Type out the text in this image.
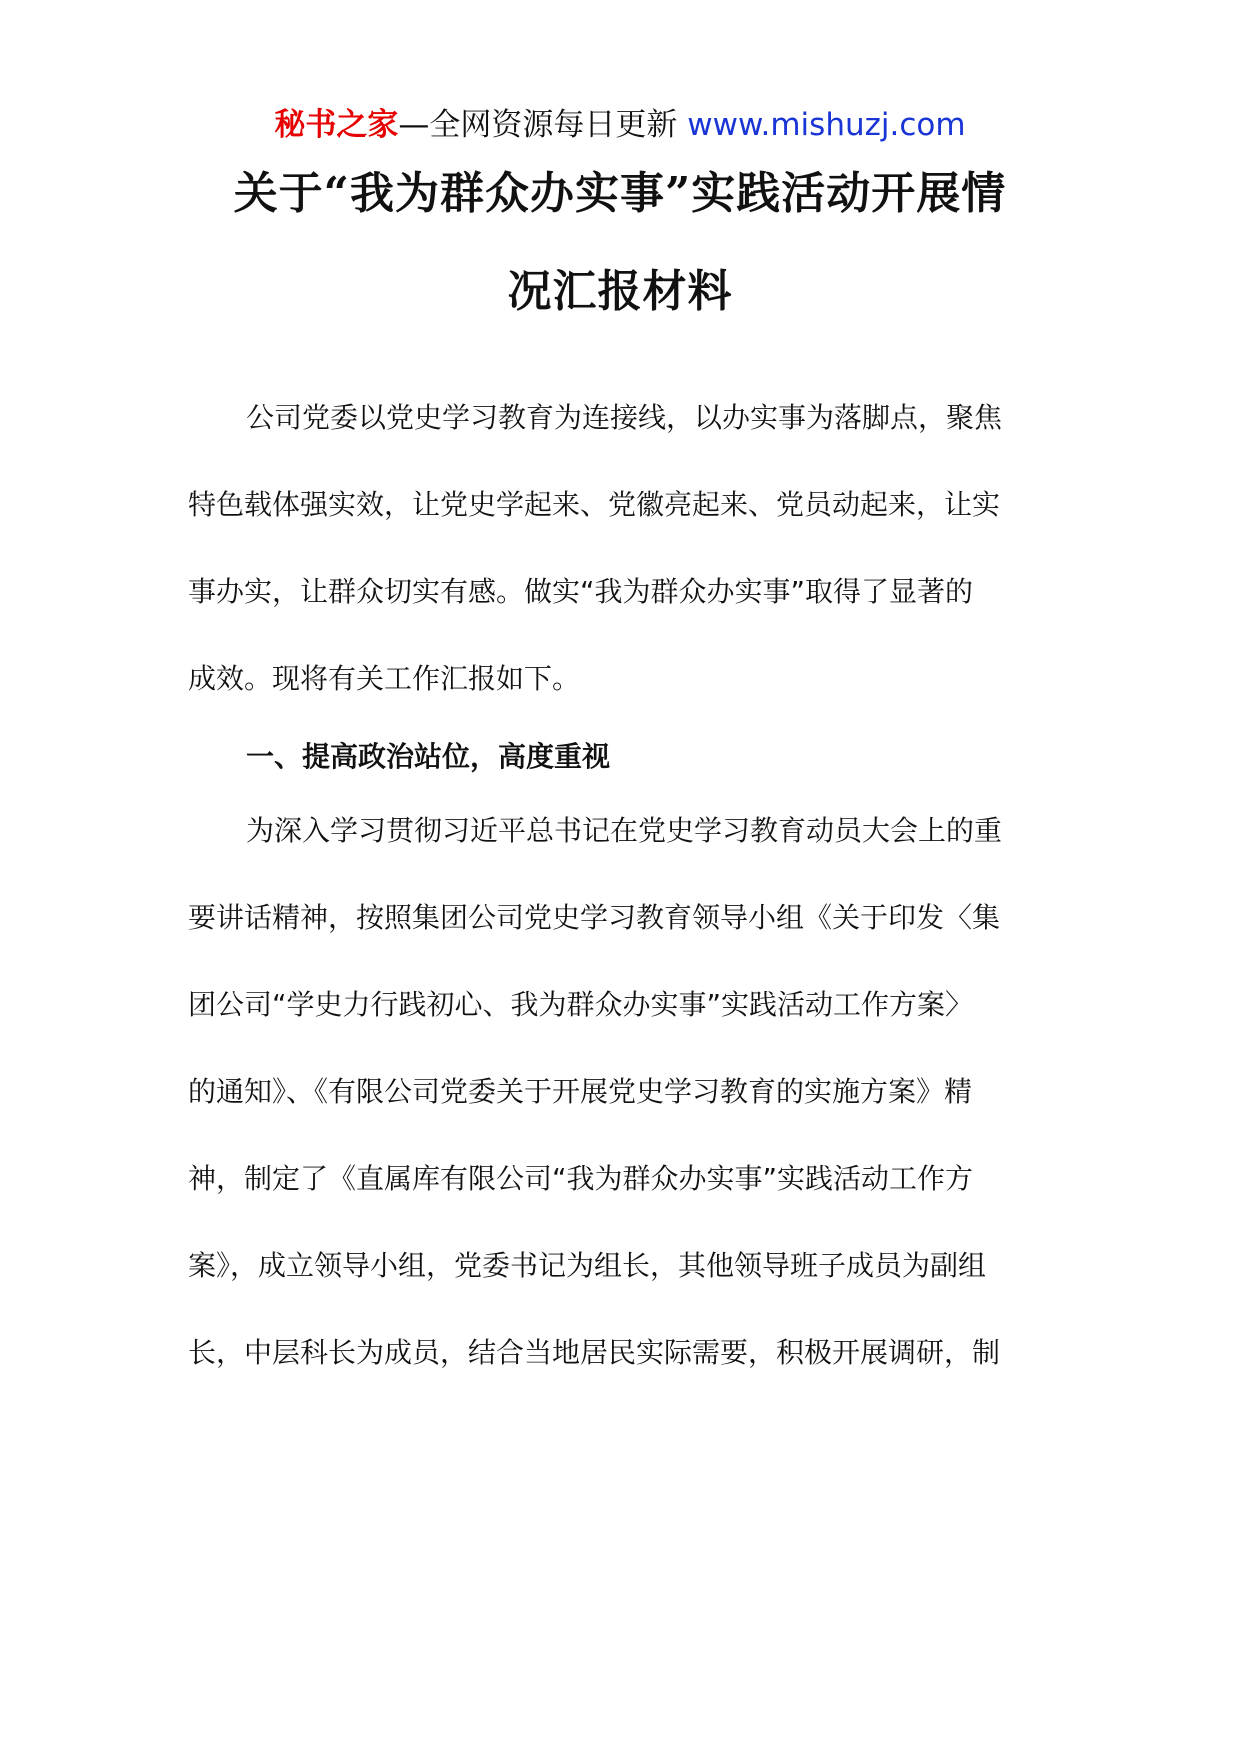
秘书之家—全网资源每日更新 www.mishuzj.com
关于“我为群众办实事”实践活动开展情
况汇报材料
公司党委以党史学习教育为连接线，以办实事为落脚点，聚焦
特色载体强实效，让党史学起来、党徽亮起来、党员动起来，让实
事办实，让群众切实有感。做实“我为群众办实事”取得了显著的
成效。现将有关工作汇报如下。
一、提高政治站位，高度重视
为深入学习贯彻习近平总书记在党史学习教育动员大会上的重
要讲话精神，按照集团公司党史学习教育领导小组《关于印发〈集
团公司“学史力行践初心、我为群众办实事”实践活动工作方案〉
的通知》、《有限公司党委关于开展党史学习教育的实施方案》精
神，制定了《直属库有限公司“我为群众办实事”实践活动工作方
案》，成立领导小组，党委书记为组长，其他领导班子成员为副组
长，中层科长为成员，结合当地居民实际需要，积极开展调研，制
